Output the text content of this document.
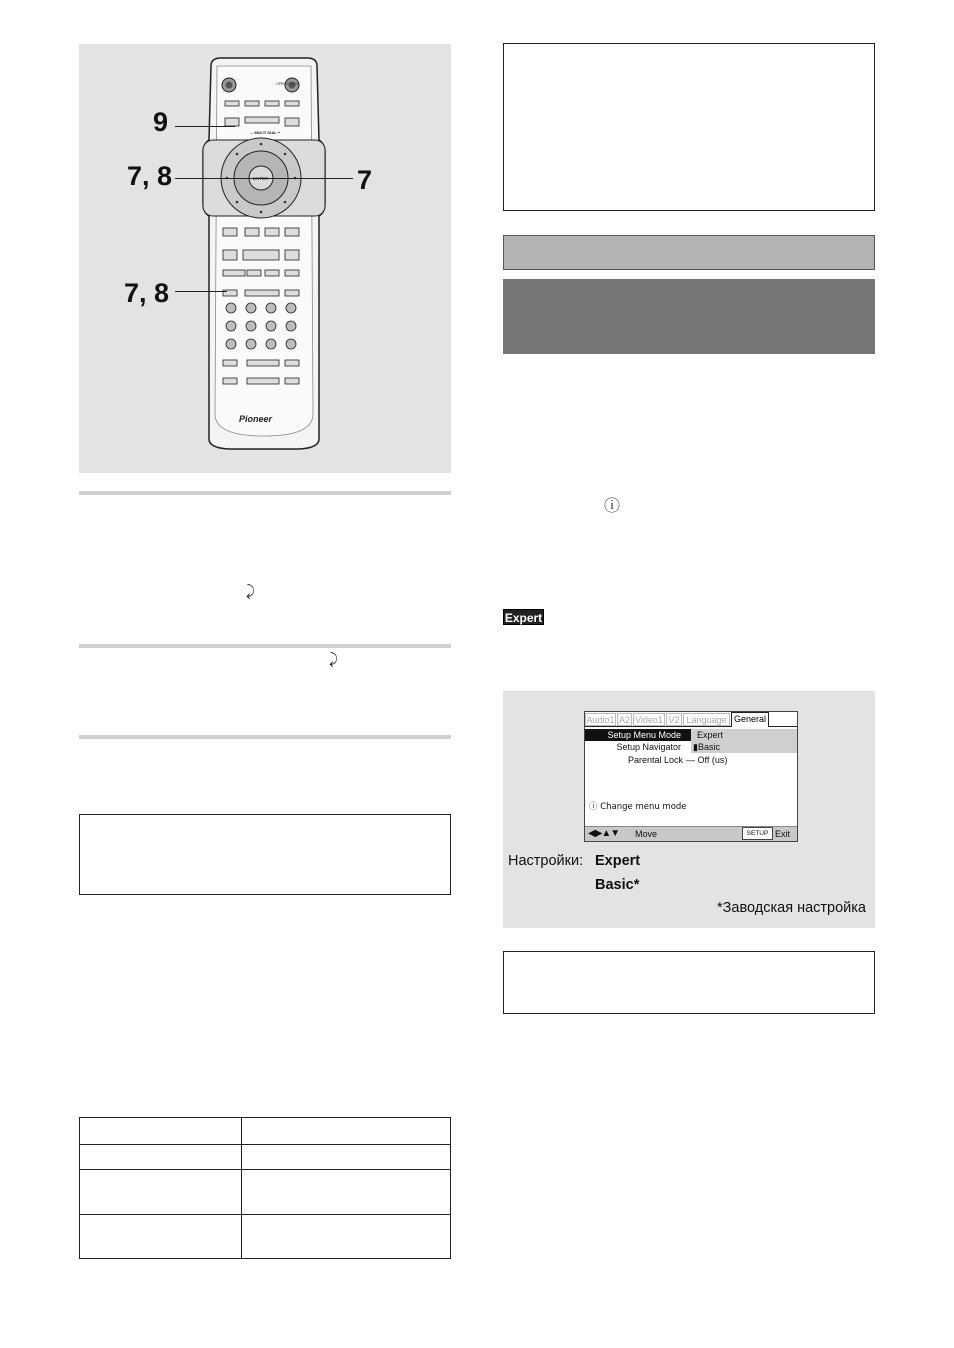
OPEN/CLOSE
– MULTI DIAL +
ENTER
Pioneer
9
7, 8	7
7, 8
⤸
⤸

ⓘ
Expert
Audio1 A2 Video1 V2 Language General
Setup Menu Mode Expert
Setup Navigator ▮ Basic
Parental Lock — Off (us)
ⓘ Change menu mode
◀▶▲▼ Move	SETUP Exit
Настройки: Expert
Basic*
*Заводская настройка
